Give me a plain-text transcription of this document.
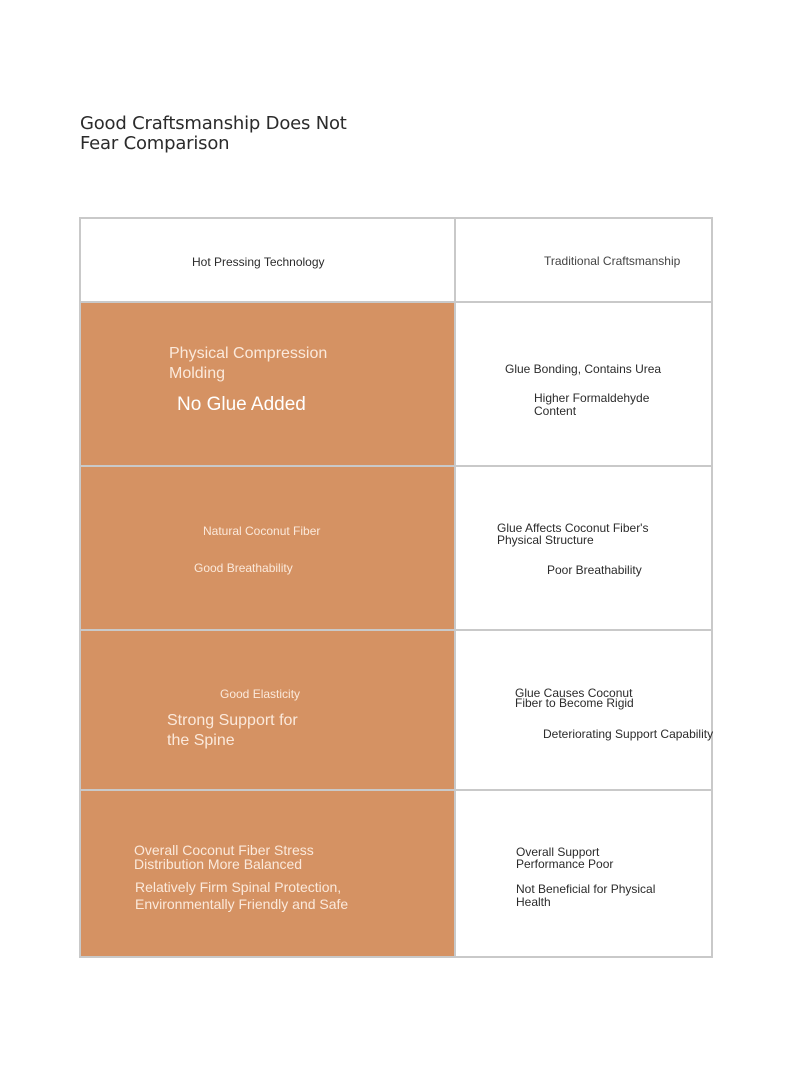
Good Craftsmanship Does Not Fear Comparison
Hot Pressing Technology	Traditional Craftsmanship
Physical Compression
Molding
No Glue Added
Glue Bonding, Contains Urea
Higher Formaldehyde
Content
Natural Coconut Fiber
Good Breathability
Glue Affects Coconut Fiber's
Physical Structure
Poor Breathability
Good Elasticity
Strong Support for
the Spine
Glue Causes Coconut
Fiber to Become Rigid
Deteriorating Support Capability
Overall Coconut Fiber Stress
Distribution More Balanced
Relatively Firm Spinal Protection,
Environmentally Friendly and Safe
Overall Support
Performance Poor
Not Beneficial for Physical
Health
